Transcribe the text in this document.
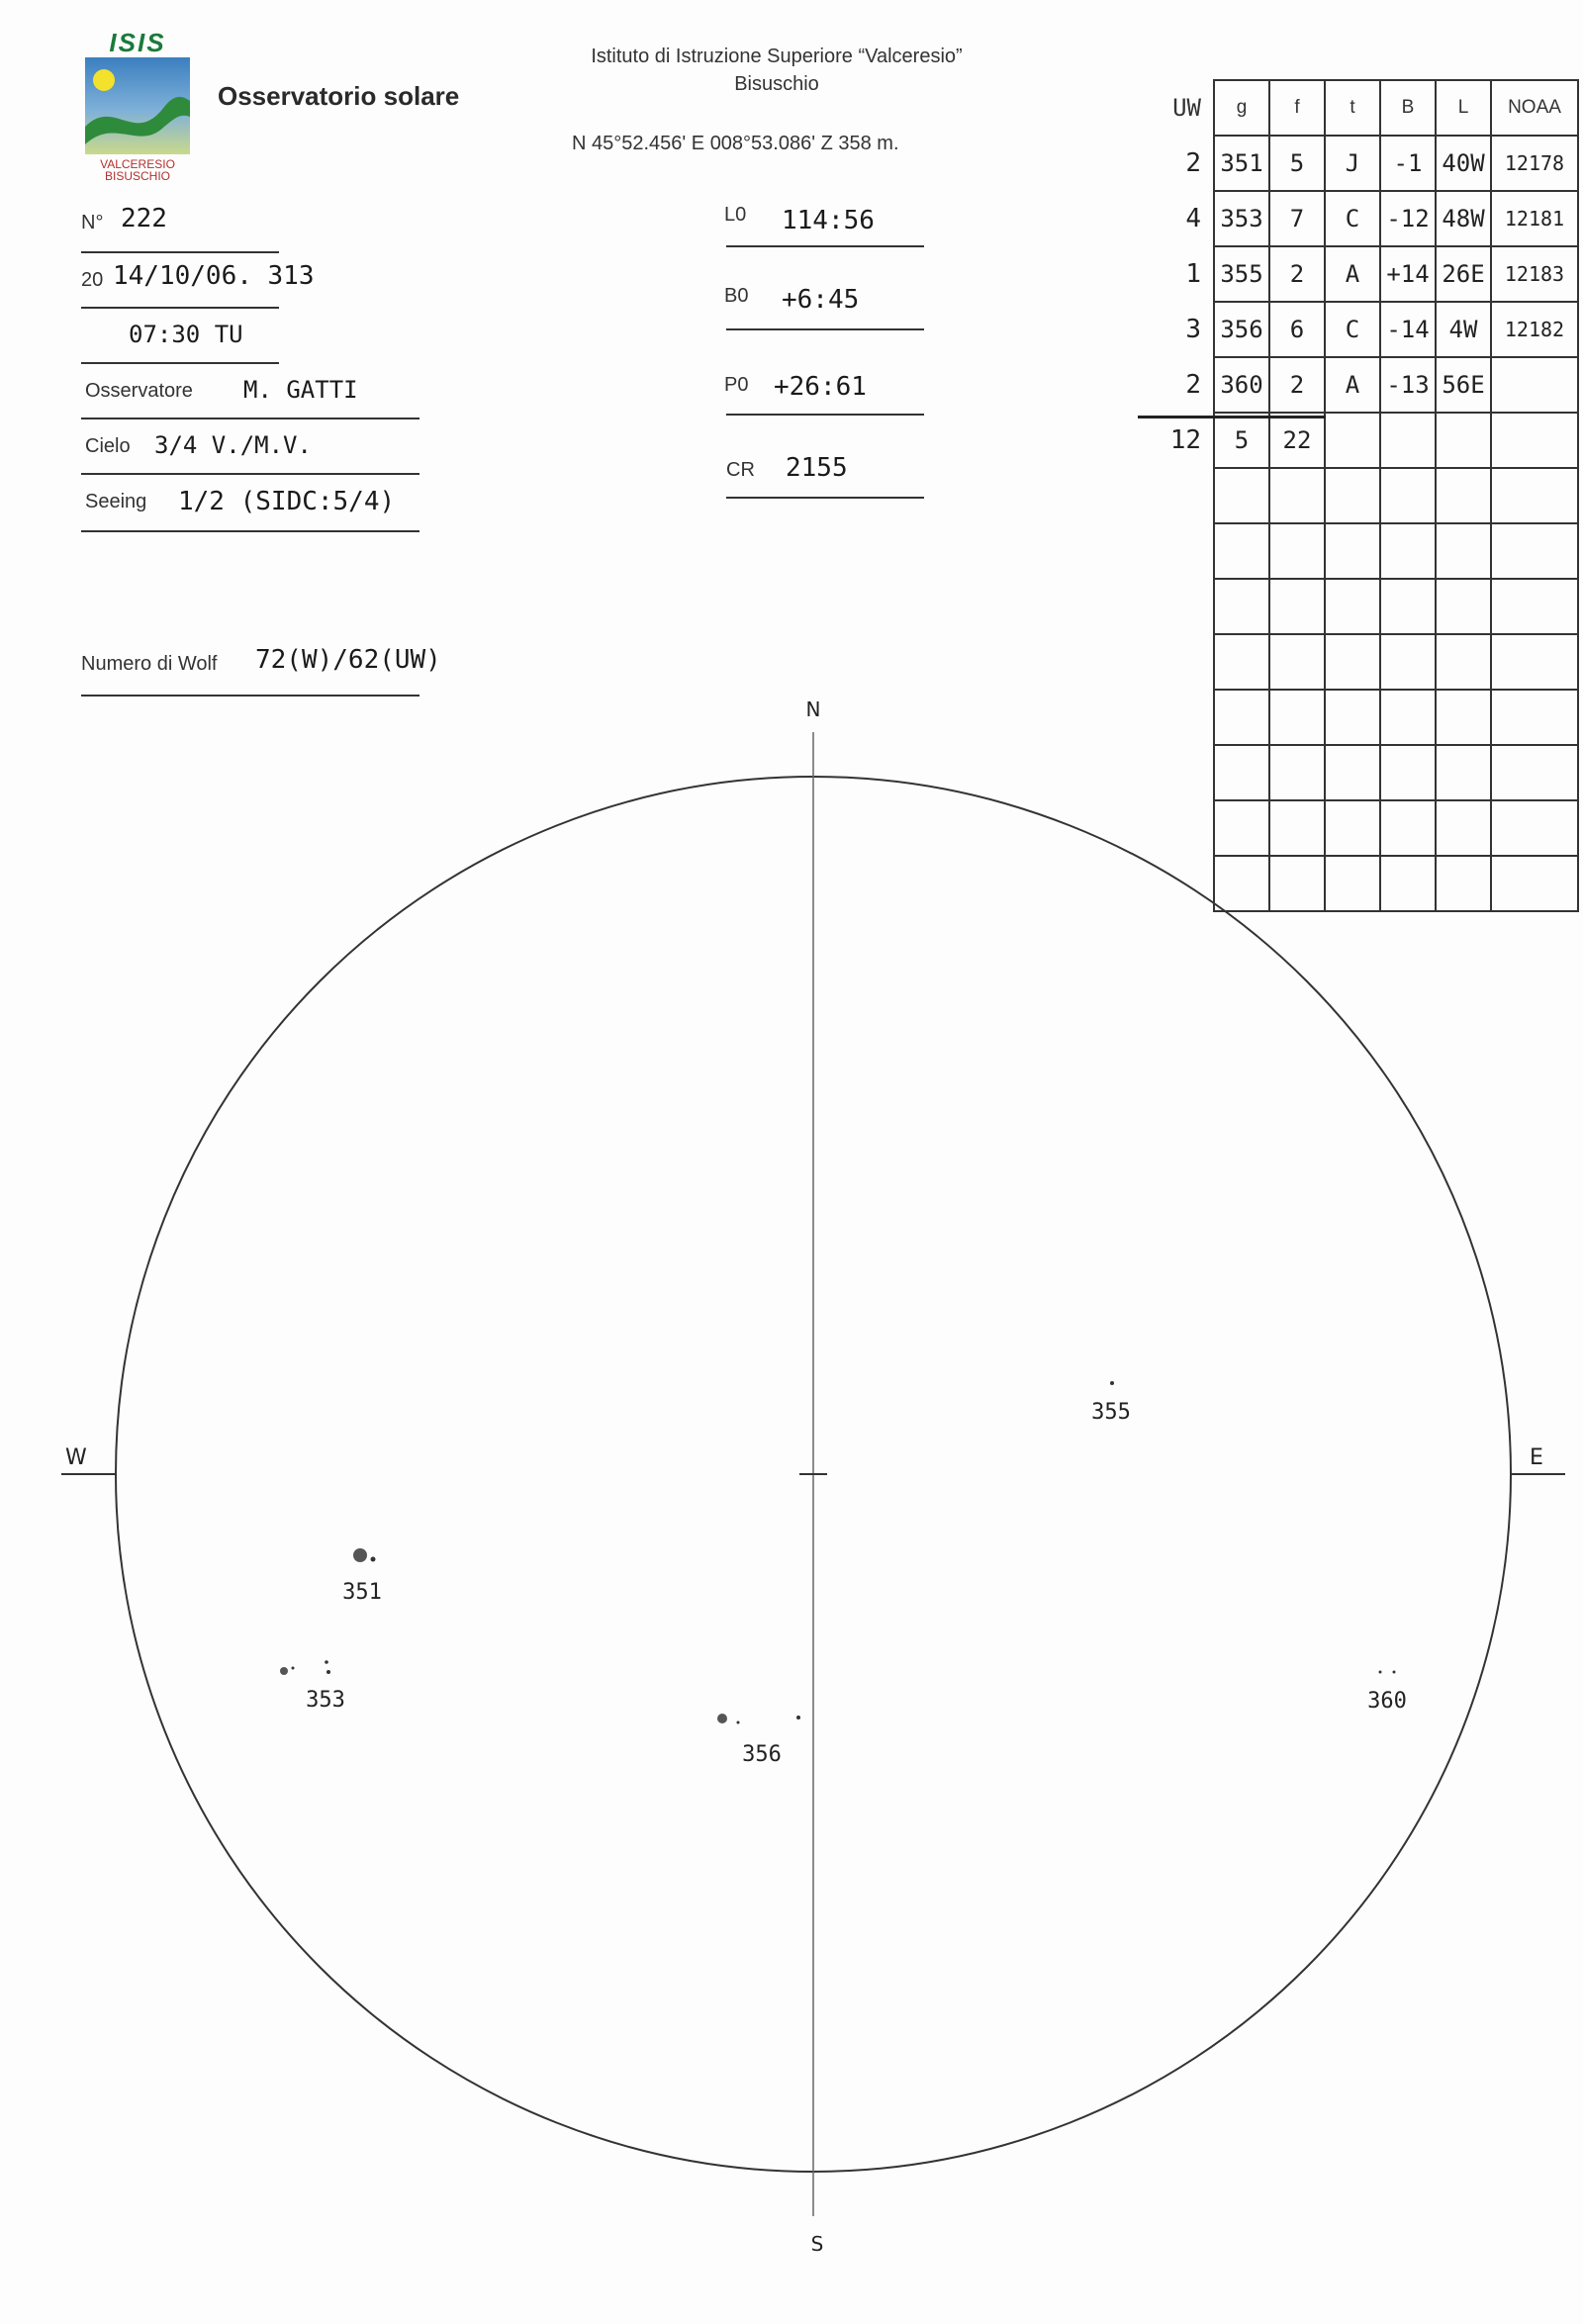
ISIS
VALCERESIO
BISUSCHIO
Osservatorio solare
Istituto di Istruzione Superiore “Valceresio”
Bisuschio
N 45°52.456' E 008°53.086' Z 358 m.
N° 222
20 14/10/06. 313
07:30 TU
Osservatore M. GATTI
Cielo 3/4 V./M.V.
Seeing 1/2 (SIDC:5/4)
Numero di Wolf 72(W)/62(UW)
L0 114:56
B0 +6:45
P0 +26:61
CR 2155
UW	g	f	t	B	L	NOAA
2	351	5	J	-1	40W	12178
4	353	7	C	-12	48W	12181
1	355	2	A	+14	26E	12183
3	356	6	C	-14	4W	12182
2	360	2	A	-13	56E	
12	5	22				

N
S
W	E
351
353
355
356
360
